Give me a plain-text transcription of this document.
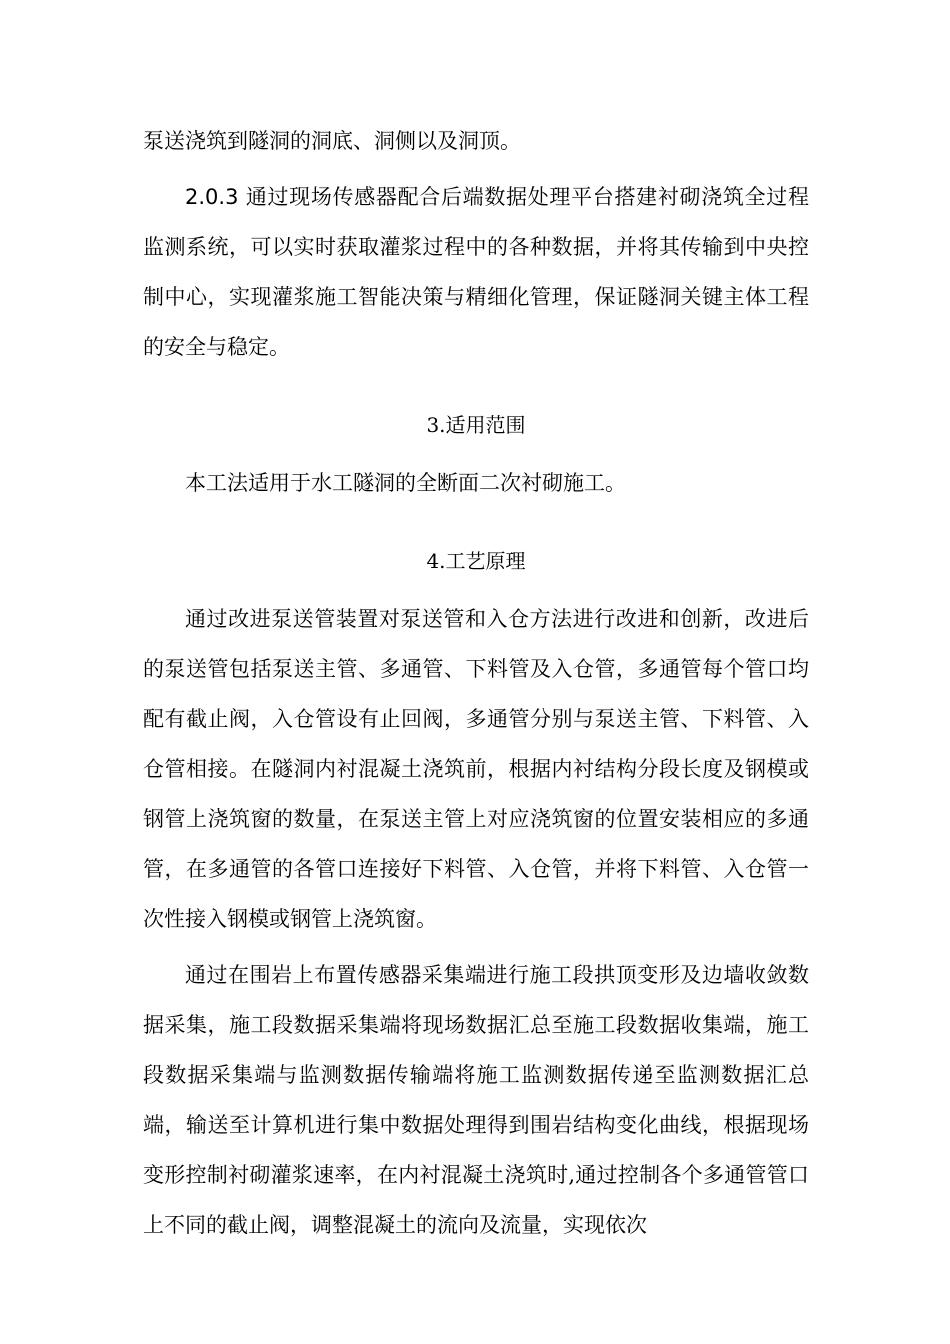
泵送浇筑到隧洞的洞底、洞侧以及洞顶。

2.0.3 通过现场传感器配合后端数据处理平台搭建衬砌浇筑全过程监测系统，可以实时获取灌浆过程中的各种数据，并将其传输到中央控制中心，实现灌浆施工智能决策与精细化管理，保证隧洞关键主体工程的安全与稳定。

3.适用范围

本工法适用于水工隧洞的全断面二次衬砌施工。

4.工艺原理

通过改进泵送管装置对泵送管和入仓方法进行改进和创新，改进后的泵送管包括泵送主管、多通管、下料管及入仓管，多通管每个管口均配有截止阀，入仓管设有止回阀，多通管分别与泵送主管、下料管、入仓管相接。在隧洞内衬混凝土浇筑前，根据内衬结构分段长度及钢模或钢管上浇筑窗的数量，在泵送主管上对应浇筑窗的位置安装相应的多通管，在多通管的各管口连接好下料管、入仓管，并将下料管、入仓管一次性接入钢模或钢管上浇筑窗。

通过在围岩上布置传感器采集端进行施工段拱顶变形及边墙收敛数据采集，施工段数据采集端将现场数据汇总至施工段数据收集端，施工段数据采集端与监测数据传输端将施工监测数据传递至监测数据汇总端，输送至计算机进行集中数据处理得到围岩结构变化曲线，根据现场变形控制衬砌灌浆速率，在内衬混凝土浇筑时,通过控制各个多通管管口上不同的截止阀，调整混凝土的流向及流量，实现依次
